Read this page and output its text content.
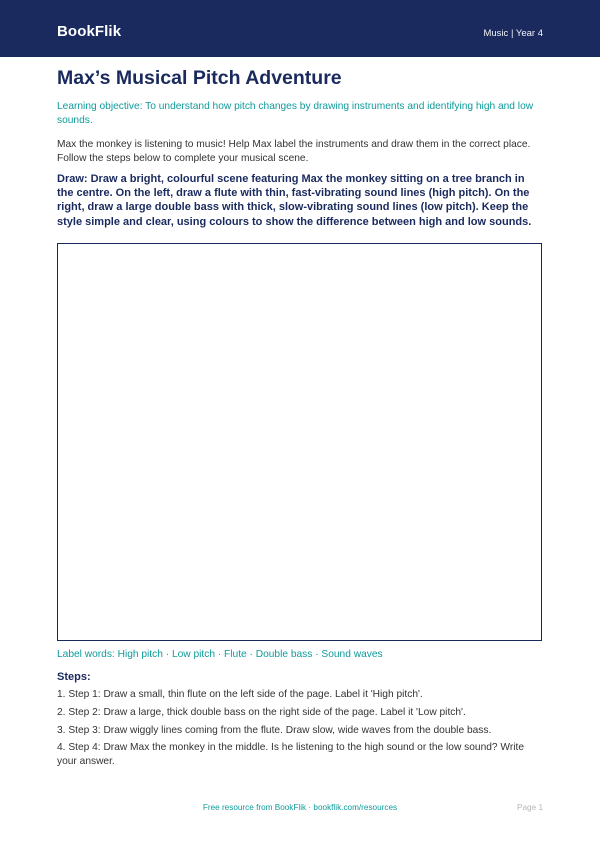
BookFlik	Music | Year 4
Max’s Musical Pitch Adventure
Learning objective: To understand how pitch changes by drawing instruments and identifying high and low sounds.
Max the monkey is listening to music! Help Max label the instruments and draw them in the correct place. Follow the steps below to complete your musical scene.
Draw: Draw a bright, colourful scene featuring Max the monkey sitting on a tree branch in the centre. On the left, draw a flute with thin, fast-vibrating sound lines (high pitch). On the right, draw a large double bass with thick, slow-vibrating sound lines (low pitch). Keep the style simple and clear, using colours to show the difference between high and low sounds.
Label words: High pitch · Low pitch · Flute · Double bass · Sound waves
Steps:
1. Step 1: Draw a small, thin flute on the left side of the page. Label it 'High pitch'.
2. Step 2: Draw a large, thick double bass on the right side of the page. Label it 'Low pitch'.
3. Step 3: Draw wiggly lines coming from the flute. Draw slow, wide waves from the double bass.
4. Step 4: Draw Max the monkey in the middle. Is he listening to the high sound or the low sound? Write your answer.
Free resource from BookFlik · bookflik.com/resources	Page 1
